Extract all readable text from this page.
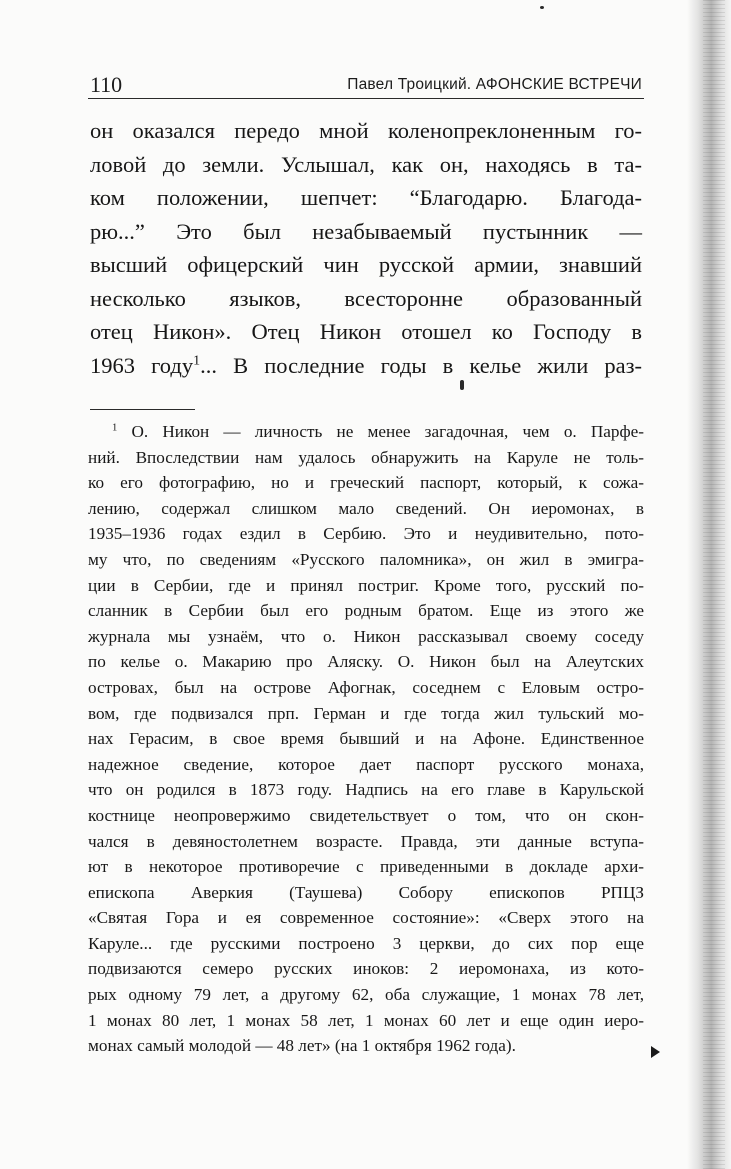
110	Павел Троицкий. АФОНСКИЕ ВСТРЕЧИ
он оказался передо мной коленопреклоненным го-
ловой до земли. Услышал, как он, находясь в та-
ком положении, шепчет: “Благодарю. Благода-
рю...” Это был незабываемый пустынник —
высший офицерский чин русской армии, знавший
несколько языков, всесторонне образованный
отец Никон». Отец Никон отошел ко Господу в
1963 году$^1$... В последние годы в келье жили раз-
$^1$ О. Никон — личность не менее загадочная, чем о. Парфе-
ний. Впоследствии нам удалось обнаружить на Каруле не толь-
ко его фотографию, но и греческий паспорт, который, к сожа-
лению, содержал слишком мало сведений. Он иеромонах, в
1935–1936 годах ездил в Сербию. Это и неудивительно, пото-
му что, по сведениям «Русского паломника», он жил в эмигра-
ции в Сербии, где и принял постриг. Кроме того, русский по-
сланник в Сербии был его родным братом. Еще из этого же
журнала мы узнаём, что о. Никон рассказывал своему соседу
по келье о. Макарию про Аляску. О. Никон был на Алеутских
островах, был на острове Афогнак, соседнем с Еловым остро-
вом, где подвизался прп. Герман и где тогда жил тульский мо-
нах Герасим, в свое время бывший и на Афоне. Единственное
надежное сведение, которое дает паспорт русского монаха,
что он родился в 1873 году. Надпись на его главе в Карульской
костнице неопровержимо свидетельствует о том, что он скон-
чался в девяностолетнем возрасте. Правда, эти данные вступа-
ют в некоторое противоречие с приведенными в докладе архи-
епископа Аверкия (Таушева) Собору епископов РПЦЗ
«Святая Гора и ея современное состояние»: «Сверх этого на
Каруле... где русскими построено 3 церкви, до сих пор еще
подвизаются семеро русских иноков: 2 иеромонаха, из кото-
рых одному 79 лет, а другому 62, оба служащие, 1 монах 78 лет,
1 монах 80 лет, 1 монах 58 лет, 1 монах 60 лет и еще один иеро-
монах самый молодой — 48 лет» (на 1 октября 1962 года).
